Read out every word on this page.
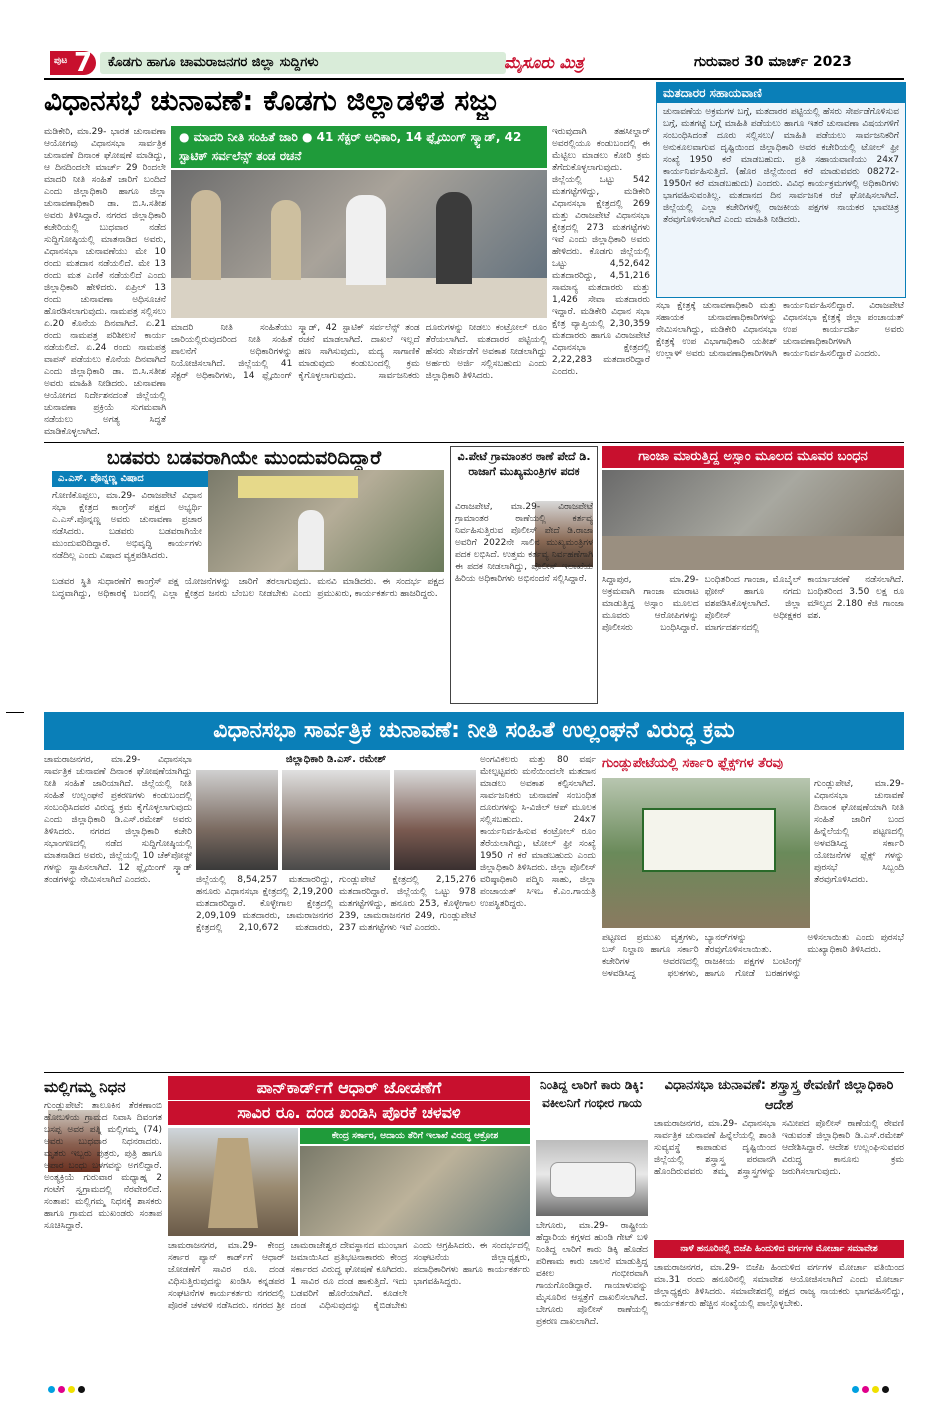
ಪುಟ 7 ಕೊಡಗು ಹಾಗೂ ಚಾಮರಾಜನಗರ ಜಿಲ್ಲಾ ಸುದ್ದಿಗಳು	ಮೈಸೂರು ಮಿತ್ರ	ಗುರುವಾರ 30 ಮಾರ್ಚ್ 2023
ವಿಧಾನಸಭೆ ಚುನಾವಣೆ: ಕೊಡಗು ಜಿಲ್ಲಾಡಳಿತ ಸಜ್ಜು
ಮಡಿಕೇರಿ, ಮಾ.29- ಭಾರತ ಚುನಾವಣಾ ಆಯೋಗವು ವಿಧಾನಸಭಾ ಸಾರ್ವತ್ರಿಕ ಚುನಾವಣೆ ದಿನಾಂಕ ಘೋಷಣೆ ಮಾಡಿದ್ದು, ಆ ದಿನದಿಂದಲೇ ಮಾರ್ಚ್ 29 ರಿಂದಲೇ ಮಾದರಿ ನೀತಿ ಸಂಹಿತೆ ಜಾರಿಗೆ ಬಂದಿದೆ ಎಂದು ಜಿಲ್ಲಾಧಿಕಾರಿ ಹಾಗೂ ಜಿಲ್ಲಾ ಚುನಾವಣಾಧಿಕಾರಿ ಡಾ. ಬಿ.ಸಿ.ಸತೀಶ ಅವರು ತಿಳಿಸಿದ್ದಾರೆ. ನಗರದ ಜಿಲ್ಲಾಧಿಕಾರಿ ಕಚೇರಿಯಲ್ಲಿ ಬುಧವಾರ ನಡೆದ ಸುದ್ದಿಗೋಷ್ಠಿಯಲ್ಲಿ ಮಾತನಾಡಿದ ಅವರು, ವಿಧಾನಸಭಾ ಚುನಾವಣೆಯು ಮೇ 10 ರಂದು ಮತದಾನ ನಡೆಯಲಿದೆ. ಮೇ 13 ರಂದು ಮತ ಎಣಿಕೆ ನಡೆಯಲಿದೆ ಎಂದು ಜಿಲ್ಲಾಧಿಕಾರಿ ಹೇಳಿದರು. ಏಪ್ರಿಲ್ 13 ರಂದು ಚುನಾವಣಾ ಅಧಿಸೂಚನೆ ಹೊರಡಿಸಲಾಗುವುದು. ನಾಮಪತ್ರ ಸಲ್ಲಿಸಲು ಏ.20 ಕೊನೆಯ ದಿನವಾಗಿದೆ. ಏ.21 ರಂದು ನಾಮಪತ್ರ ಪರಿಶೀಲನೆ ಕಾರ್ಯ ನಡೆಯಲಿದೆ. ಏ.24 ರಂದು ನಾಮಪತ್ರ ವಾಪಸ್ ಪಡೆಯಲು ಕೊನೆಯ ದಿನವಾಗಿದೆ ಎಂದು ಜಿಲ್ಲಾಧಿಕಾರಿ ಡಾ. ಬಿ.ಸಿ.ಸತೀಶ ಅವರು ಮಾಹಿತಿ ನೀಡಿದರು. ಚುನಾವಣಾ ಆಯೋಗದ ನಿರ್ದೇಶನದಂತೆ ಜಿಲ್ಲೆಯಲ್ಲಿ ಚುನಾವಣಾ ಪ್ರಕ್ರಿಯೆ ಸುಗಮವಾಗಿ ನಡೆಯಲು ಅಗತ್ಯ ಸಿದ್ಧತೆ ಮಾಡಿಕೊಳ್ಳಲಾಗಿದೆ.
● ಮಾದರಿ ನೀತಿ ಸಂಹಿತೆ ಜಾರಿ ● 41 ಸೆಕ್ಟರ್ ಅಧಿಕಾರಿ, 14 ಫ್ಲೈಯಿಂಗ್ ಸ್ಕ್ವಾಡ್, 42 ಸ್ಟಾಟಿಕ್ ಸರ್ವಲೆನ್ಸ್ ತಂಡ ರಚನೆ
ಮಾದರಿ ನೀತಿ ಸಂಹಿತೆಯು ಜಾರಿಯಲ್ಲಿರುವುದರಿಂದ ನೀತಿ ಸಂಹಿತೆ ಪಾಲನೆಗೆ ಅಧಿಕಾರಿಗಳನ್ನು ನಿಯೋಜಿಸಲಾಗಿದೆ. ಜಿಲ್ಲೆಯಲ್ಲಿ 41 ಸೆಕ್ಟರ್ ಅಧಿಕಾರಿಗಳು, 14 ಫ್ಲೈಯಿಂಗ್ ಸ್ಕ್ವಾಡ್, 42 ಸ್ಟಾಟಿಕ್ ಸರ್ವಲೆನ್ಸ್ ತಂಡ ರಚನೆ ಮಾಡಲಾಗಿದೆ. ದಾಖಲೆ ಇಲ್ಲದೆ ಹಣ ಸಾಗಿಸುವುದು, ಮದ್ಯ ಸಾಗಾಣಿಕೆ ಮಾಡುವುದು ಕಂಡುಬಂದಲ್ಲಿ ಕ್ರಮ ಕೈಗೊಳ್ಳಲಾಗುವುದು. ಸಾರ್ವಜನಿಕರು ದೂರುಗಳನ್ನು ನೀಡಲು ಕಂಟ್ರೋಲ್ ರೂಂ ತೆರೆಯಲಾಗಿದೆ. ಮತದಾರರ ಪಟ್ಟಿಯಲ್ಲಿ ಹೆಸರು ಸೇರ್ಪಡೆಗೆ ಅವಕಾಶ ನೀಡಲಾಗಿದ್ದು ಅರ್ಹರು ಅರ್ಜಿ ಸಲ್ಲಿಸಬಹುದು ಎಂದು ಜಿಲ್ಲಾಧಿಕಾರಿ ತಿಳಿಸಿದರು.
ಇರುವುದಾಗಿ ತಹಸೀಲ್ದಾರ್ ಅವರಲ್ಲಿಯೂ ಕಂಡುಬಂದಲ್ಲಿ ಈ ಮೆಟ್ಟಿಲು ಮಾಡಲು ಕೋರಿ ಕ್ರಮ ತೆಗೆದುಕೊಳ್ಳಲಾಗುವುದು. ಜಿಲ್ಲೆಯಲ್ಲಿ ಒಟ್ಟು 542 ಮತಗಟ್ಟೆಗಳಿದ್ದು, ಮಡಿಕೇರಿ ವಿಧಾನಸಭಾ ಕ್ಷೇತ್ರದಲ್ಲಿ 269 ಮತ್ತು ವಿರಾಜಪೇಟೆ ವಿಧಾನಸಭಾ ಕ್ಷೇತ್ರದಲ್ಲಿ 273 ಮತಗಟ್ಟೆಗಳು ಇವೆ ಎಂದು ಜಿಲ್ಲಾಧಿಕಾರಿ ಅವರು ಹೇಳಿದರು. ಕೊಡಗು ಜಿಲ್ಲೆಯಲ್ಲಿ ಒಟ್ಟು 4,52,642 ಮತದಾರರಿದ್ದು, 4,51,216 ಸಾಮಾನ್ಯ ಮತದಾರರು ಮತ್ತು 1,426 ಸೇವಾ ಮತದಾರರು ಇದ್ದಾರೆ. ಮಡಿಕೇರಿ ವಿಧಾನ ಸಭಾ ಕ್ಷೇತ್ರ ವ್ಯಾಪ್ತಿಯಲ್ಲಿ 2,30,359 ಮತದಾರರು ಹಾಗೂ ವಿರಾಜಪೇಟೆ ವಿಧಾನಸಭಾ ಕ್ಷೇತ್ರದಲ್ಲಿ 2,22,283 ಮತದಾರರಿದ್ದಾರೆ ಎಂದರು.
ಮತದಾರರ ಸಹಾಯವಾಣಿ
ಚುನಾವಣೆಯ ಅಕ್ರಮಗಳ ಬಗ್ಗೆ, ಮತದಾರರ ಪಟ್ಟಿಯಲ್ಲಿ ಹೆಸರು ಸೇರ್ಪಡೆಗೊಳಿಸುವ ಬಗ್ಗೆ, ಮತಗಟ್ಟೆ ಬಗ್ಗೆ ಮಾಹಿತಿ ಪಡೆಯಲು ಹಾಗೂ ಇತರೆ ಚುನಾವಣಾ ವಿಷಯಗಳಿಗೆ ಸಂಬಂಧಿಸಿದಂತೆ ದೂರು ಸಲ್ಲಿಸಲು/ ಮಾಹಿತಿ ಪಡೆಯಲು ಸಾರ್ವಜನಿಕರಿಗೆ ಅನುಕೂಲವಾಗುವ ದೃಷ್ಟಿಯಿಂದ ಜಿಲ್ಲಾಧಿಕಾರಿ ಅವರ ಕಚೇರಿಯಲ್ಲಿ ಟೋಲ್ ಫ್ರೀ ಸಂಖ್ಯೆ 1950 ಕರೆ ಮಾಡಬಹುದು. ಪ್ರತಿ ಸಹಾಯವಾಣಿಯು 24x7 ಕಾರ್ಯನಿರ್ವಹಿಸುತ್ತಿದೆ. (ಹೊರ ಜಿಲ್ಲೆಯಿಂದ ಕರೆ ಮಾಡುವವರು 08272-1950ಗೆ ಕರೆ ಮಾಡಬಹುದು) ಎಂದರು. ವಿವಿಧ ಕಾರ್ಯಕ್ರಮಗಳಲ್ಲಿ ಅಧಿಕಾರಿಗಳು ಭಾಗವಹಿಸುವಂತಿಲ್ಲ. ಮತದಾನದ ದಿನ ಸಾರ್ವಜನಿಕ ರಜೆ ಘೋಷಿಸಲಾಗಿದೆ. ಜಿಲ್ಲೆಯಲ್ಲಿ ಎಲ್ಲಾ ಕಚೇರಿಗಳಲ್ಲಿ ರಾಜಕೀಯ ಪಕ್ಷಗಳ ನಾಯಕರ ಭಾವಚಿತ್ರ ತೆರವುಗೊಳಿಸಲಾಗಿದೆ ಎಂದು ಮಾಹಿತಿ ನೀಡಿದರು.
ಸಭಾ ಕ್ಷೇತ್ರಕ್ಕೆ ಚುನಾವಣಾಧಿಕಾರಿ ಮತ್ತು ಸಹಾಯಕ ಚುನಾವಣಾಧಿಕಾರಿಗಳನ್ನು ನೇಮಿಸಲಾಗಿದ್ದು, ಮಡಿಕೇರಿ ವಿಧಾನಸಭಾ ಕ್ಷೇತ್ರಕ್ಕೆ ಉಪ ವಿಭಾಗಾಧಿಕಾರಿ ಯತೀಶ್ ಉಲ್ಲಾಳ್ ಅವರು ಚುನಾವಣಾಧಿಕಾರಿಗಳಾಗಿ ಕಾರ್ಯನಿರ್ವಹಿಸಲಿದ್ದಾರೆ. ವಿರಾಜಪೇಟೆ ವಿಧಾನಸಭಾ ಕ್ಷೇತ್ರಕ್ಕೆ ಜಿಲ್ಲಾ ಪಂಚಾಯತ್ ಉಪ ಕಾರ್ಯದರ್ಶಿ ಅವರು ಚುನಾವಣಾಧಿಕಾರಿಗಳಾಗಿ ಕಾರ್ಯನಿರ್ವಹಿಸಲಿದ್ದಾರೆ ಎಂದರು.
ಬಡವರು ಬಡವರಾಗಿಯೇ ಮುಂದುವರಿದಿದ್ದಾರೆ
ಎ.ಎಸ್. ಪೊನ್ನಣ್ಣ ವಿಷಾದ
ಗೋಣಿಕೊಪ್ಪಲು, ಮಾ.29- ವಿರಾಜಪೇಟೆ ವಿಧಾನ ಸಭಾ ಕ್ಷೇತ್ರದ ಕಾಂಗ್ರೆಸ್ ಪಕ್ಷದ ಅಭ್ಯರ್ಥಿ ಎ.ಎಸ್.ಪೊನ್ನಣ್ಣ ಅವರು ಚುನಾವಣಾ ಪ್ರಚಾರ ನಡೆಸಿದರು. ಬಡವರು ಬಡವರಾಗಿಯೇ ಮುಂದುವರಿದಿದ್ದಾರೆ. ಅಭಿವೃದ್ಧಿ ಕಾರ್ಯಗಳು ನಡೆದಿಲ್ಲ ಎಂದು ವಿಷಾದ ವ್ಯಕ್ತಪಡಿಸಿದರು.
ಬಡವರ ಸ್ಥಿತಿ ಸುಧಾರಣೆಗೆ ಕಾಂಗ್ರೆಸ್ ಪಕ್ಷ ಬದ್ಧವಾಗಿದ್ದು, ಅಧಿಕಾರಕ್ಕೆ ಬಂದಲ್ಲಿ ಎಲ್ಲಾ ಯೋಜನೆಗಳನ್ನು ಜಾರಿಗೆ ತರಲಾಗುವುದು. ಕ್ಷೇತ್ರದ ಜನರು ಬೆಂಬಲ ನೀಡಬೇಕು ಎಂದು ಮನವಿ ಮಾಡಿದರು. ಈ ಸಂದರ್ಭ ಪಕ್ಷದ ಪ್ರಮುಖರು, ಕಾರ್ಯಕರ್ತರು ಹಾಜರಿದ್ದರು.
ವಿ.ಪೇಟೆ ಗ್ರಾಮಾಂತರ ಠಾಣೆ ಪೇದೆ ಡಿ. ರಾಜಾಗೆ ಮುಖ್ಯಮಂತ್ರಿಗಳ ಪದಕ
ವಿರಾಜಪೇಟೆ, ಮಾ.29- ವಿರಾಜಪೇಟೆ ಗ್ರಾಮಾಂತರ ಠಾಣೆಯಲ್ಲಿ ಕರ್ತವ್ಯ ನಿರ್ವಹಿಸುತ್ತಿರುವ ಪೊಲೀಸ್ ಪೇದೆ ಡಿ.ರಾಜಾ ಅವರಿಗೆ 2022ನೇ ಸಾಲಿನ ಮುಖ್ಯಮಂತ್ರಿಗಳ ಪದಕ ಲಭಿಸಿದೆ. ಉತ್ತಮ ಕರ್ತವ್ಯ ನಿರ್ವಹಣೆಗಾಗಿ ಈ ಪದಕ ನೀಡಲಾಗಿದ್ದು, ಪೊಲೀಸ್ ಇಲಾಖೆಯ ಹಿರಿಯ ಅಧಿಕಾರಿಗಳು ಅಭಿನಂದನೆ ಸಲ್ಲಿಸಿದ್ದಾರೆ.
ಗಾಂಜಾ ಮಾರುತ್ತಿದ್ದ ಅಸ್ಸಾಂ ಮೂಲದ ಮೂವರ ಬಂಧನ
ಸಿದ್ದಾಪುರ, ಮಾ.29- ಅಕ್ರಮವಾಗಿ ಗಾಂಜಾ ಮಾರಾಟ ಮಾಡುತ್ತಿದ್ದ ಅಸ್ಸಾಂ ಮೂಲದ ಮೂವರು ಆರೋಪಿಗಳನ್ನು ಪೊಲೀಸರು ಬಂಧಿಸಿದ್ದಾರೆ. ಬಂಧಿತರಿಂದ ಗಾಂಜಾ, ಮೊಬೈಲ್ ಫೋನ್ ಹಾಗೂ ನಗದು ವಶಪಡಿಸಿಕೊಳ್ಳಲಾಗಿದೆ. ಜಿಲ್ಲಾ ಪೊಲೀಸ್ ಅಧೀಕ್ಷಕರ ಮಾರ್ಗದರ್ಶನದಲ್ಲಿ ಕಾರ್ಯಾಚರಣೆ ನಡೆಸಲಾಗಿದೆ. ಬಂಧಿತರಿಂದ 3.50 ಲಕ್ಷ ರೂ ಮೌಲ್ಯದ 2.180 ಕೆಜಿ ಗಾಂಜಾ ವಶ.
ವಿಧಾನಸಭಾ ಸಾರ್ವತ್ರಿಕ ಚುನಾವಣೆ: ನೀತಿ ಸಂಹಿತೆ ಉಲ್ಲಂಘನೆ ವಿರುದ್ಧ ಕ್ರಮ
ಚಾಮರಾಜನಗರ, ಮಾ.29- ವಿಧಾನಸಭಾ ಸಾರ್ವತ್ರಿಕ ಚುನಾವಣೆ ದಿನಾಂಕ ಘೋಷಣೆಯಾಗಿದ್ದು ನೀತಿ ಸಂಹಿತೆ ಜಾರಿಯಾಗಿದೆ. ಜಿಲ್ಲೆಯಲ್ಲಿ ನೀತಿ ಸಂಹಿತೆ ಉಲ್ಲಂಘನೆ ಪ್ರಕರಣಗಳು ಕಂಡುಬಂದಲ್ಲಿ ಸಂಬಂಧಿಸಿದವರ ವಿರುದ್ಧ ಕ್ರಮ ಕೈಗೊಳ್ಳಲಾಗುವುದು ಎಂದು ಜಿಲ್ಲಾಧಿಕಾರಿ ಡಿ.ಎಸ್.ರಮೇಶ್ ಅವರು ತಿಳಿಸಿದರು. ನಗರದ ಜಿಲ್ಲಾಧಿಕಾರಿ ಕಚೇರಿ ಸಭಾಂಗಣದಲ್ಲಿ ನಡೆದ ಸುದ್ದಿಗೋಷ್ಠಿಯಲ್ಲಿ ಮಾತನಾಡಿದ ಅವರು, ಜಿಲ್ಲೆಯಲ್ಲಿ 10 ಚೆಕ್‌ಪೋಸ್ಟ್ ಗಳನ್ನು ಸ್ಥಾಪಿಸಲಾಗಿದೆ. 12 ಫ್ಲೈಯಿಂಗ್ ಸ್ಕ್ವಾಡ್ ತಂಡಗಳನ್ನು ನೇಮಿಸಲಾಗಿದೆ ಎಂದರು.
ಜಿಲ್ಲಾಧಿಕಾರಿ ಡಿ.ಎಸ್. ರಮೇಶ್
ಜಿಲ್ಲೆಯಲ್ಲಿ 8,54,257 ಮತದಾರರಿದ್ದು, ಹನೂರು ವಿಧಾನಸಭಾ ಕ್ಷೇತ್ರದಲ್ಲಿ 2,19,200 ಮತದಾರರಿದ್ದಾರೆ. ಕೊಳ್ಳೇಗಾಲ ಕ್ಷೇತ್ರದಲ್ಲಿ 2,09,109 ಮತದಾರರು, ಚಾಮರಾಜನಗರ ಕ್ಷೇತ್ರದಲ್ಲಿ 2,10,672 ಮತದಾರರು, ಗುಂಡ್ಲುಪೇಟೆ ಕ್ಷೇತ್ರದಲ್ಲಿ 2,15,276 ಮತದಾರರಿದ್ದಾರೆ. ಜಿಲ್ಲೆಯಲ್ಲಿ ಒಟ್ಟು 978 ಮತಗಟ್ಟೆಗಳಿದ್ದು, ಹನೂರು 253, ಕೊಳ್ಳೇಗಾಲ 239, ಚಾಮರಾಜನಗರ 249, ಗುಂಡ್ಲುಪೇಟೆ 237 ಮತಗಟ್ಟೆಗಳು ಇವೆ ಎಂದರು.
ಅಂಗವಿಕಲರು ಮತ್ತು 80 ವರ್ಷ ಮೇಲ್ಪಟ್ಟವರು ಮನೆಯಿಂದಲೇ ಮತದಾನ ಮಾಡಲು ಅವಕಾಶ ಕಲ್ಪಿಸಲಾಗಿದೆ. ಸಾರ್ವಜನಿಕರು ಚುನಾವಣೆ ಸಂಬಂಧಿತ ದೂರುಗಳನ್ನು ಸಿ-ವಿಜಿಲ್ ಆಪ್ ಮೂಲಕ ಸಲ್ಲಿಸಬಹುದು. 24x7 ಕಾರ್ಯನಿರ್ವಹಿಸುವ ಕಂಟ್ರೋಲ್ ರೂಂ ತೆರೆಯಲಾಗಿದ್ದು, ಟೋಲ್ ಫ್ರೀ ಸಂಖ್ಯೆ 1950 ಗೆ ಕರೆ ಮಾಡಬಹುದು ಎಂದು ಜಿಲ್ಲಾಧಿಕಾರಿ ತಿಳಿಸಿದರು. ಜಿಲ್ಲಾ ಪೊಲೀಸ್ ವರಿಷ್ಠಾಧಿಕಾರಿ ಪದ್ಮಿನಿ ಸಾಹು, ಜಿಲ್ಲಾ ಪಂಚಾಯತ್ ಸಿಇಒ ಕೆ.ಎಂ.ಗಾಯತ್ರಿ ಉಪಸ್ಥಿತರಿದ್ದರು.
ಗುಂಡ್ಲುಪೇಟೆಯಲ್ಲಿ ಸರ್ಕಾರಿ ಫ್ಲೆಕ್ಸ್‌ಗಳ ತೆರವು
ಗುಂಡ್ಲುಪೇಟೆ, ಮಾ.29- ವಿಧಾನಸಭಾ ಚುನಾವಣೆ ದಿನಾಂಕ ಘೋಷಣೆಯಾಗಿ ನೀತಿ ಸಂಹಿತೆ ಜಾರಿಗೆ ಬಂದ ಹಿನ್ನೆಲೆಯಲ್ಲಿ ಪಟ್ಟಣದಲ್ಲಿ ಅಳವಡಿಸಿದ್ದ ಸರ್ಕಾರಿ ಯೋಜನೆಗಳ ಫ್ಲೆಕ್ಸ್ ಗಳನ್ನು ಪುರಸಭೆ ಸಿಬ್ಬಂದಿ ತೆರವುಗೊಳಿಸಿದರು.
ಪಟ್ಟಣದ ಪ್ರಮುಖ ವೃತ್ತಗಳು, ಬಸ್ ನಿಲ್ದಾಣ ಹಾಗೂ ಸರ್ಕಾರಿ ಕಚೇರಿಗಳ ಆವರಣದಲ್ಲಿ ಅಳವಡಿಸಿದ್ದ ಫಲಕಗಳು, ಬ್ಯಾನರ್‌ಗಳನ್ನು ತೆರವುಗೊಳಿಸಲಾಯಿತು. ರಾಜಕೀಯ ಪಕ್ಷಗಳ ಬಂಟಿಂಗ್ಸ್ ಹಾಗೂ ಗೋಡೆ ಬರಹಗಳನ್ನು ಅಳಿಸಲಾಯಿತು ಎಂದು ಪುರಸಭೆ ಮುಖ್ಯಾಧಿಕಾರಿ ತಿಳಿಸಿದರು.
ಮಲ್ಲಿಗಮ್ಮ ನಿಧನ
ಗುಂಡ್ಲುಪೇಟೆ: ತಾಲೂಕಿನ ತೆರಕಣಾಂಬಿ ಹೋಬಳಿಯ ಗ್ರಾಮದ ನಿವಾಸಿ ದಿವಂಗತ ಬಸಪ್ಪ ಅವರ ಪತ್ನಿ ಮಲ್ಲಿಗಮ್ಮ (74) ಅವರು ಬುಧವಾರ ನಿಧನರಾದರು. ಮೃತರು ಇಬ್ಬರು ಪುತ್ರರು, ಪುತ್ರಿ ಹಾಗೂ ಅಪಾರ ಬಂಧು ಬಳಗವನ್ನು ಅಗಲಿದ್ದಾರೆ. ಅಂತ್ಯಕ್ರಿಯೆ ಗುರುವಾರ ಮಧ್ಯಾಹ್ನ 2 ಗಂಟೆಗೆ ಸ್ವಗ್ರಾಮದಲ್ಲಿ ನೆರವೇರಲಿದೆ. ಸಂತಾಪ: ಮಲ್ಲಿಗಮ್ಮ ನಿಧನಕ್ಕೆ ಶಾಸಕರು ಹಾಗೂ ಗ್ರಾಮದ ಮುಖಂಡರು ಸಂತಾಪ ಸೂಚಿಸಿದ್ದಾರೆ.
ಪಾನ್‌ಕಾರ್ಡ್‌ಗೆ ಆಧಾರ್ ಜೋಡಣೆಗೆ
ಸಾವಿರ ರೂ. ದಂಡ ಖಂಡಿಸಿ ಪೊರಕೆ ಚಳವಳಿ
ಕೇಂದ್ರ ಸರ್ಕಾರ, ಆದಾಯ ತೆರಿಗೆ ಇಲಾಖೆ ವಿರುದ್ಧ ಆಕ್ರೋಶ
ಚಾಮರಾಜನಗರ, ಮಾ.29- ಕೇಂದ್ರ ಸರ್ಕಾರ ಪ್ಯಾನ್ ಕಾರ್ಡ್‌ಗೆ ಆಧಾರ್ ಜೋಡಣೆಗೆ ಸಾವಿರ ರೂ. ದಂಡ ವಿಧಿಸುತ್ತಿರುವುದನ್ನು ಖಂಡಿಸಿ ಕನ್ನಡಪರ ಸಂಘಟನೆಗಳ ಕಾರ್ಯಕರ್ತರು ನಗರದಲ್ಲಿ ಪೊರಕೆ ಚಳವಳಿ ನಡೆಸಿದರು. ನಗರದ ಶ್ರೀ ಚಾಮರಾಜೇಶ್ವರ ದೇವಸ್ಥಾನದ ಮುಂಭಾಗ ಜಮಾಯಿಸಿದ ಪ್ರತಿಭಟನಾಕಾರರು ಕೇಂದ್ರ ಸರ್ಕಾರದ ವಿರುದ್ಧ ಘೋಷಣೆ ಕೂಗಿದರು. 1 ಸಾವಿರ ರೂ ದಂಡ ಹಾಕುತ್ತಿದೆ. ಇದು ಬಡವರಿಗೆ ಹೊರೆಯಾಗಿದೆ. ಕೂಡಲೇ ದಂಡ ವಿಧಿಸುವುದನ್ನು ಕೈಬಿಡಬೇಕು ಎಂದು ಆಗ್ರಹಿಸಿದರು. ಈ ಸಂದರ್ಭದಲ್ಲಿ ಸಂಘಟನೆಯ ಜಿಲ್ಲಾಧ್ಯಕ್ಷರು, ಪದಾಧಿಕಾರಿಗಳು ಹಾಗೂ ಕಾರ್ಯಕರ್ತರು ಭಾಗವಹಿಸಿದ್ದರು.
ನಿಂತಿದ್ದ ಲಾರಿಗೆ ಕಾರು ಡಿಕ್ಕಿ: ವಕೀಲನಿಗೆ ಗಂಭೀರ ಗಾಯ
ಬೇಗೂರು, ಮಾ.29- ರಾಷ್ಟ್ರೀಯ ಹೆದ್ದಾರಿಯ ಕಗ್ಗಳದ ಹುಂಡಿ ಗೇಟ್ ಬಳಿ ನಿಂತಿದ್ದ ಲಾರಿಗೆ ಕಾರು ಡಿಕ್ಕಿ ಹೊಡೆದ ಪರಿಣಾಮ ಕಾರು ಚಾಲನೆ ಮಾಡುತ್ತಿದ್ದ ವಕೀಲ ಗಂಭೀರವಾಗಿ ಗಾಯಗೊಂಡಿದ್ದಾರೆ. ಗಾಯಾಳುವನ್ನು ಮೈಸೂರಿನ ಆಸ್ಪತ್ರೆಗೆ ದಾಖಲಿಸಲಾಗಿದೆ. ಬೇಗೂರು ಪೊಲೀಸ್ ಠಾಣೆಯಲ್ಲಿ ಪ್ರಕರಣ ದಾಖಲಾಗಿದೆ.
ವಿಧಾನಸಭಾ ಚುನಾವಣೆ: ಶಸ್ತ್ರಾಸ್ತ್ರ ಠೇವಣಿಗೆ ಜಿಲ್ಲಾಧಿಕಾರಿ ಆದೇಶ
ಚಾಮರಾಜನಗರ, ಮಾ.29- ವಿಧಾನಸಭಾ ಸಾರ್ವತ್ರಿಕ ಚುನಾವಣೆ ಹಿನ್ನೆಲೆಯಲ್ಲಿ ಶಾಂತಿ ಸುವ್ಯವಸ್ಥೆ ಕಾಪಾಡುವ ದೃಷ್ಟಿಯಿಂದ ಜಿಲ್ಲೆಯಲ್ಲಿ ಶಸ್ತ್ರಾಸ್ತ್ರ ಪರವಾನಗಿ ಹೊಂದಿರುವವರು ತಮ್ಮ ಶಸ್ತ್ರಾಸ್ತ್ರಗಳನ್ನು ಸಮೀಪದ ಪೊಲೀಸ್ ಠಾಣೆಯಲ್ಲಿ ಠೇವಣಿ ಇಡುವಂತೆ ಜಿಲ್ಲಾಧಿಕಾರಿ ಡಿ.ಎಸ್.ರಮೇಶ್ ಆದೇಶಿಸಿದ್ದಾರೆ. ಆದೇಶ ಉಲ್ಲಂಘಿಸುವವರ ವಿರುದ್ಧ ಕಾನೂನು ಕ್ರಮ ಜರುಗಿಸಲಾಗುವುದು.
ನಾಳೆ ಹನೂರಿನಲ್ಲಿ ಬಿಜೆಪಿ ಹಿಂದುಳಿದ ವರ್ಗಗಳ ಮೋರ್ಚಾ ಸಮಾವೇಶ
ಚಾಮರಾಜನಗರ, ಮಾ.29- ಬಿಜೆಪಿ ಹಿಂದುಳಿದ ವರ್ಗಗಳ ಮೋರ್ಚಾ ವತಿಯಿಂದ ಮಾ.31 ರಂದು ಹನೂರಿನಲ್ಲಿ ಸಮಾವೇಶ ಆಯೋಜಿಸಲಾಗಿದೆ ಎಂದು ಮೋರ್ಚಾ ಜಿಲ್ಲಾಧ್ಯಕ್ಷರು ತಿಳಿಸಿದರು. ಸಮಾವೇಶದಲ್ಲಿ ಪಕ್ಷದ ರಾಜ್ಯ ನಾಯಕರು ಭಾಗವಹಿಸಲಿದ್ದು, ಕಾರ್ಯಕರ್ತರು ಹೆಚ್ಚಿನ ಸಂಖ್ಯೆಯಲ್ಲಿ ಪಾಲ್ಗೊಳ್ಳಬೇಕು.
